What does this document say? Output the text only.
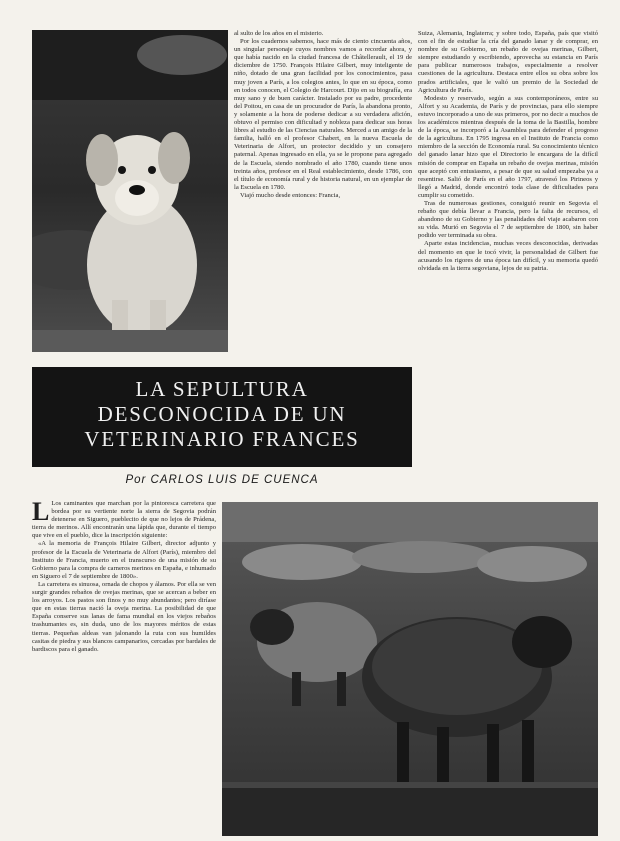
al sulto de los años en el misterio.

Por los cuadernos sabemos, hace más de ciento cincuenta años, un singular personaje cuyos nombres vamos a recordar ahora, y que había nacido en la ciudad francesa de Châtellerault, el 19 de diciembre de 1750. François Hilaire Gilbert, muy inteligente de niño, dotado de una gran facilidad por los conocimientos, pasa muy joven a París, a los colegios antes, lo que en su época, como en todos conocen, el Colegio de Harcourt. Dijo en su biografía, era muy sano y de buen carácter. Instalado por su padre, procedente del Poitou, en casa de un procurador de París, la abandona pronto, y solamente a la hora de poderse dedicar a su verdadera afición, obtuvo el permiso con dificultad y nobleza para dedicar sus horas libres al estudio de las Ciencias naturales. Merced a un amigo de la familia, halló en el profesor Chabert, en la nueva Escuela de Veterinaria de Alfort, un protector decidido y un consejero paternal. Apenas ingresado en ella, ya se le propone para agregado de la Escuela, siendo nombrado el año 1780, cuando tiene unos treinta años, profesor en el Real establecimiento, desde 1786, con el título de economía rural y de historia natural, en un ejemplar de la Escuela en 1780.

Viajó mucho desde entonces: Francia,

Suiza, Alemania, Inglaterra; y sobre todo, España, país que visitó con el fin de estudiar la cría del ganado lanar y de comprar, en nombre de su Gobierno, un rebaño de ovejas merinas, Gilbert, siempre estudiando y escribiendo, aprovecha su estancia en París para publicar numerosos trabajos, especialmente a resolver cuestiones de la agricultura. Destaca entre ellos su obra sobre los prados artificiales, que le valió un premio de la Sociedad de Agricultura de París.

Modesto y reservado, según a sus contemporáneos, entre su Alfort y su Academia, de París y de provincias, para ello siempre estuvo incorporado a uno de sus primeros, por no decir a muchos de los académicos mientras después de la toma de la Bastilla, hombre de la época, se incorporó a la Asamblea para defender el progreso de la agricultura. En 1795 ingresa en el Instituto de Francia como miembro de la sección de Economía rural. Su conocimiento técnico del ganado lanar hizo que el Directorio le encargara de la difícil misión de comprar en España un rebaño de ovejas merinas, misión que aceptó con entusiasmo, a pesar de que su salud empezaba ya a resentirse. Salió de París en el año 1797, atravesó los Pirineos y llegó a Madrid, donde encontró toda clase de dificultades para cumplir su cometido.

Tras de numerosas gestiones, consiguió reunir en Segovia el rebaño que debía llevar a Francia, pero la falta de recursos, el abandono de su Gobierno y las penalidades del viaje acabaron con su vida. Murió en Segovia el 7 de septiembre de 1800, sin haber podido ver terminada su obra.

Aparte estas incidencias, muchas veces desconocidas, derivadas del momento en que le tocó vivir, la personalidad de Gilbert fue acusando los rigores de una época tan difícil, y su memoria quedó olvidada en la tierra segoviana, lejos de su patria.

LA SEPULTURA
DESCONOCIDA DE UN
VETERINARIO FRANCES
Por CARLOS LUIS DE CUENCA

L Los caminantes que marchan por la pintoresca carretera que bordea por su vertiente norte la sierra de Segovia podrán detenerse en Siguero, pueblecito de que no lejos de Prádena, tierra de merinos. Allí encontrarán una lápida que, durante el tiempo que vive en el pueblo, dice la inscripción siguiente:

«A la memoria de François Hilaire Gilbert, director adjunto y profesor de la Escuela de Veterinaria de Alfort (París), miembro del Instituto de Francia, muerto en el transcurso de una misión de su Gobierno para la compra de carneros merinos en España, e inhumado en Siguero el 7 de septiembre de 1800».

La carretera es sinuosa, ornada de chopos y álamos. Por ella se ven surgir grandes rebaños de ovejas merinas, que se acercan a beber en los arroyos. Los pastos son finos y no muy abundantes; pero diríase que en estas tierras nació la oveja merina. La posibilidad de que España conserve sus lanas de fama mundial en los viejos rebaños trashumantes es, sin duda, uno de los mayores méritos de estas tierras. Pequeñas aldeas van jalonando la ruta con sus humildes casitas de piedra y sus blancos campanarios, cercadas por bardales de bardiscos para el ganado.
